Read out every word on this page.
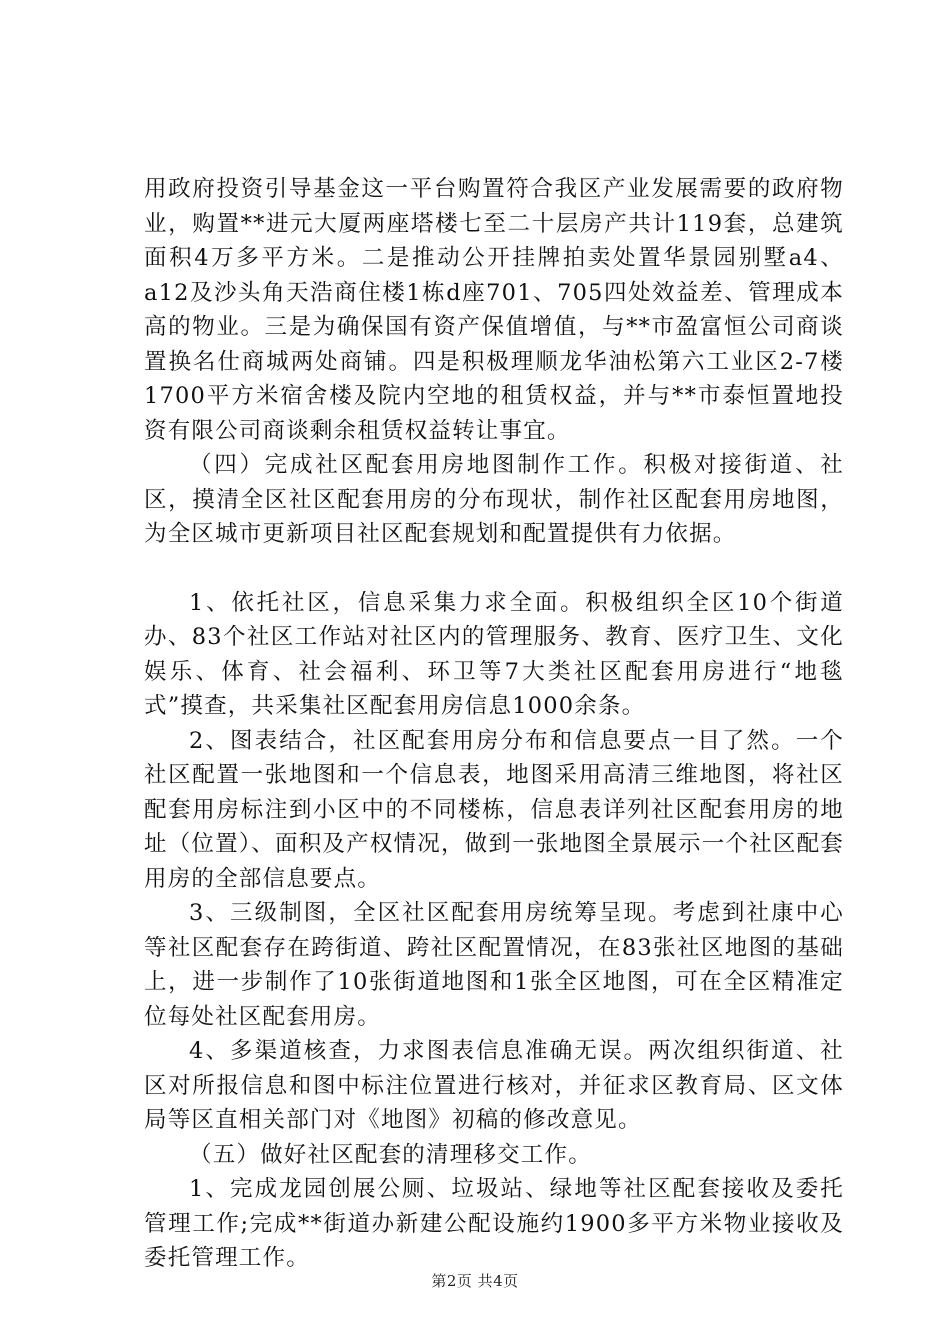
用政府投资引导基金这一平台购置符合我区产业发展需要的政府物业，购置**进元大厦两座塔楼七至二十层房产共计119套，总建筑面积4万多平方米。二是推动公开挂牌拍卖处置华景园别墅a4、a12及沙头角天浩商住楼1栋d座701、705四处效益差、管理成本高的物业。三是为确保国有资产保值增值，与**市盈富恒公司商谈置换名仕商城两处商铺。四是积极理顺龙华油松第六工业区2-7楼1700平方米宿舍楼及院内空地的租赁权益，并与**市泰恒置地投资有限公司商谈剩余租赁权益转让事宜。

（四）完成社区配套用房地图制作工作。积极对接街道、社区，摸清全区社区配套用房的分布现状，制作社区配套用房地图，为全区城市更新项目社区配套规划和配置提供有力依据。

1、依托社区，信息采集力求全面。积极组织全区10个街道办、83个社区工作站对社区内的管理服务、教育、医疗卫生、文化娱乐、体育、社会福利、环卫等7大类社区配套用房进行“地毯式”摸查，共采集社区配套用房信息1000余条。

2、图表结合，社区配套用房分布和信息要点一目了然。一个社区配置一张地图和一个信息表，地图采用高清三维地图，将社区配套用房标注到小区中的不同楼栋，信息表详列社区配套用房的地址（位置）、面积及产权情况，做到一张地图全景展示一个社区配套用房的全部信息要点。

3、三级制图，全区社区配套用房统筹呈现。考虑到社康中心等社区配套存在跨街道、跨社区配置情况，在83张社区地图的基础上，进一步制作了10张街道地图和1张全区地图，可在全区精准定位每处社区配套用房。

4、多渠道核查，力求图表信息准确无误。两次组织街道、社区对所报信息和图中标注位置进行核对，并征求区教育局、区文体局等区直相关部门对《地图》初稿的修改意见。

（五）做好社区配套的清理移交工作。

1、完成龙园创展公厕、垃圾站、绿地等社区配套接收及委托管理工作;完成**街道办新建公配设施约1900多平方米物业接收及委托管理工作。

第2页 共4页
